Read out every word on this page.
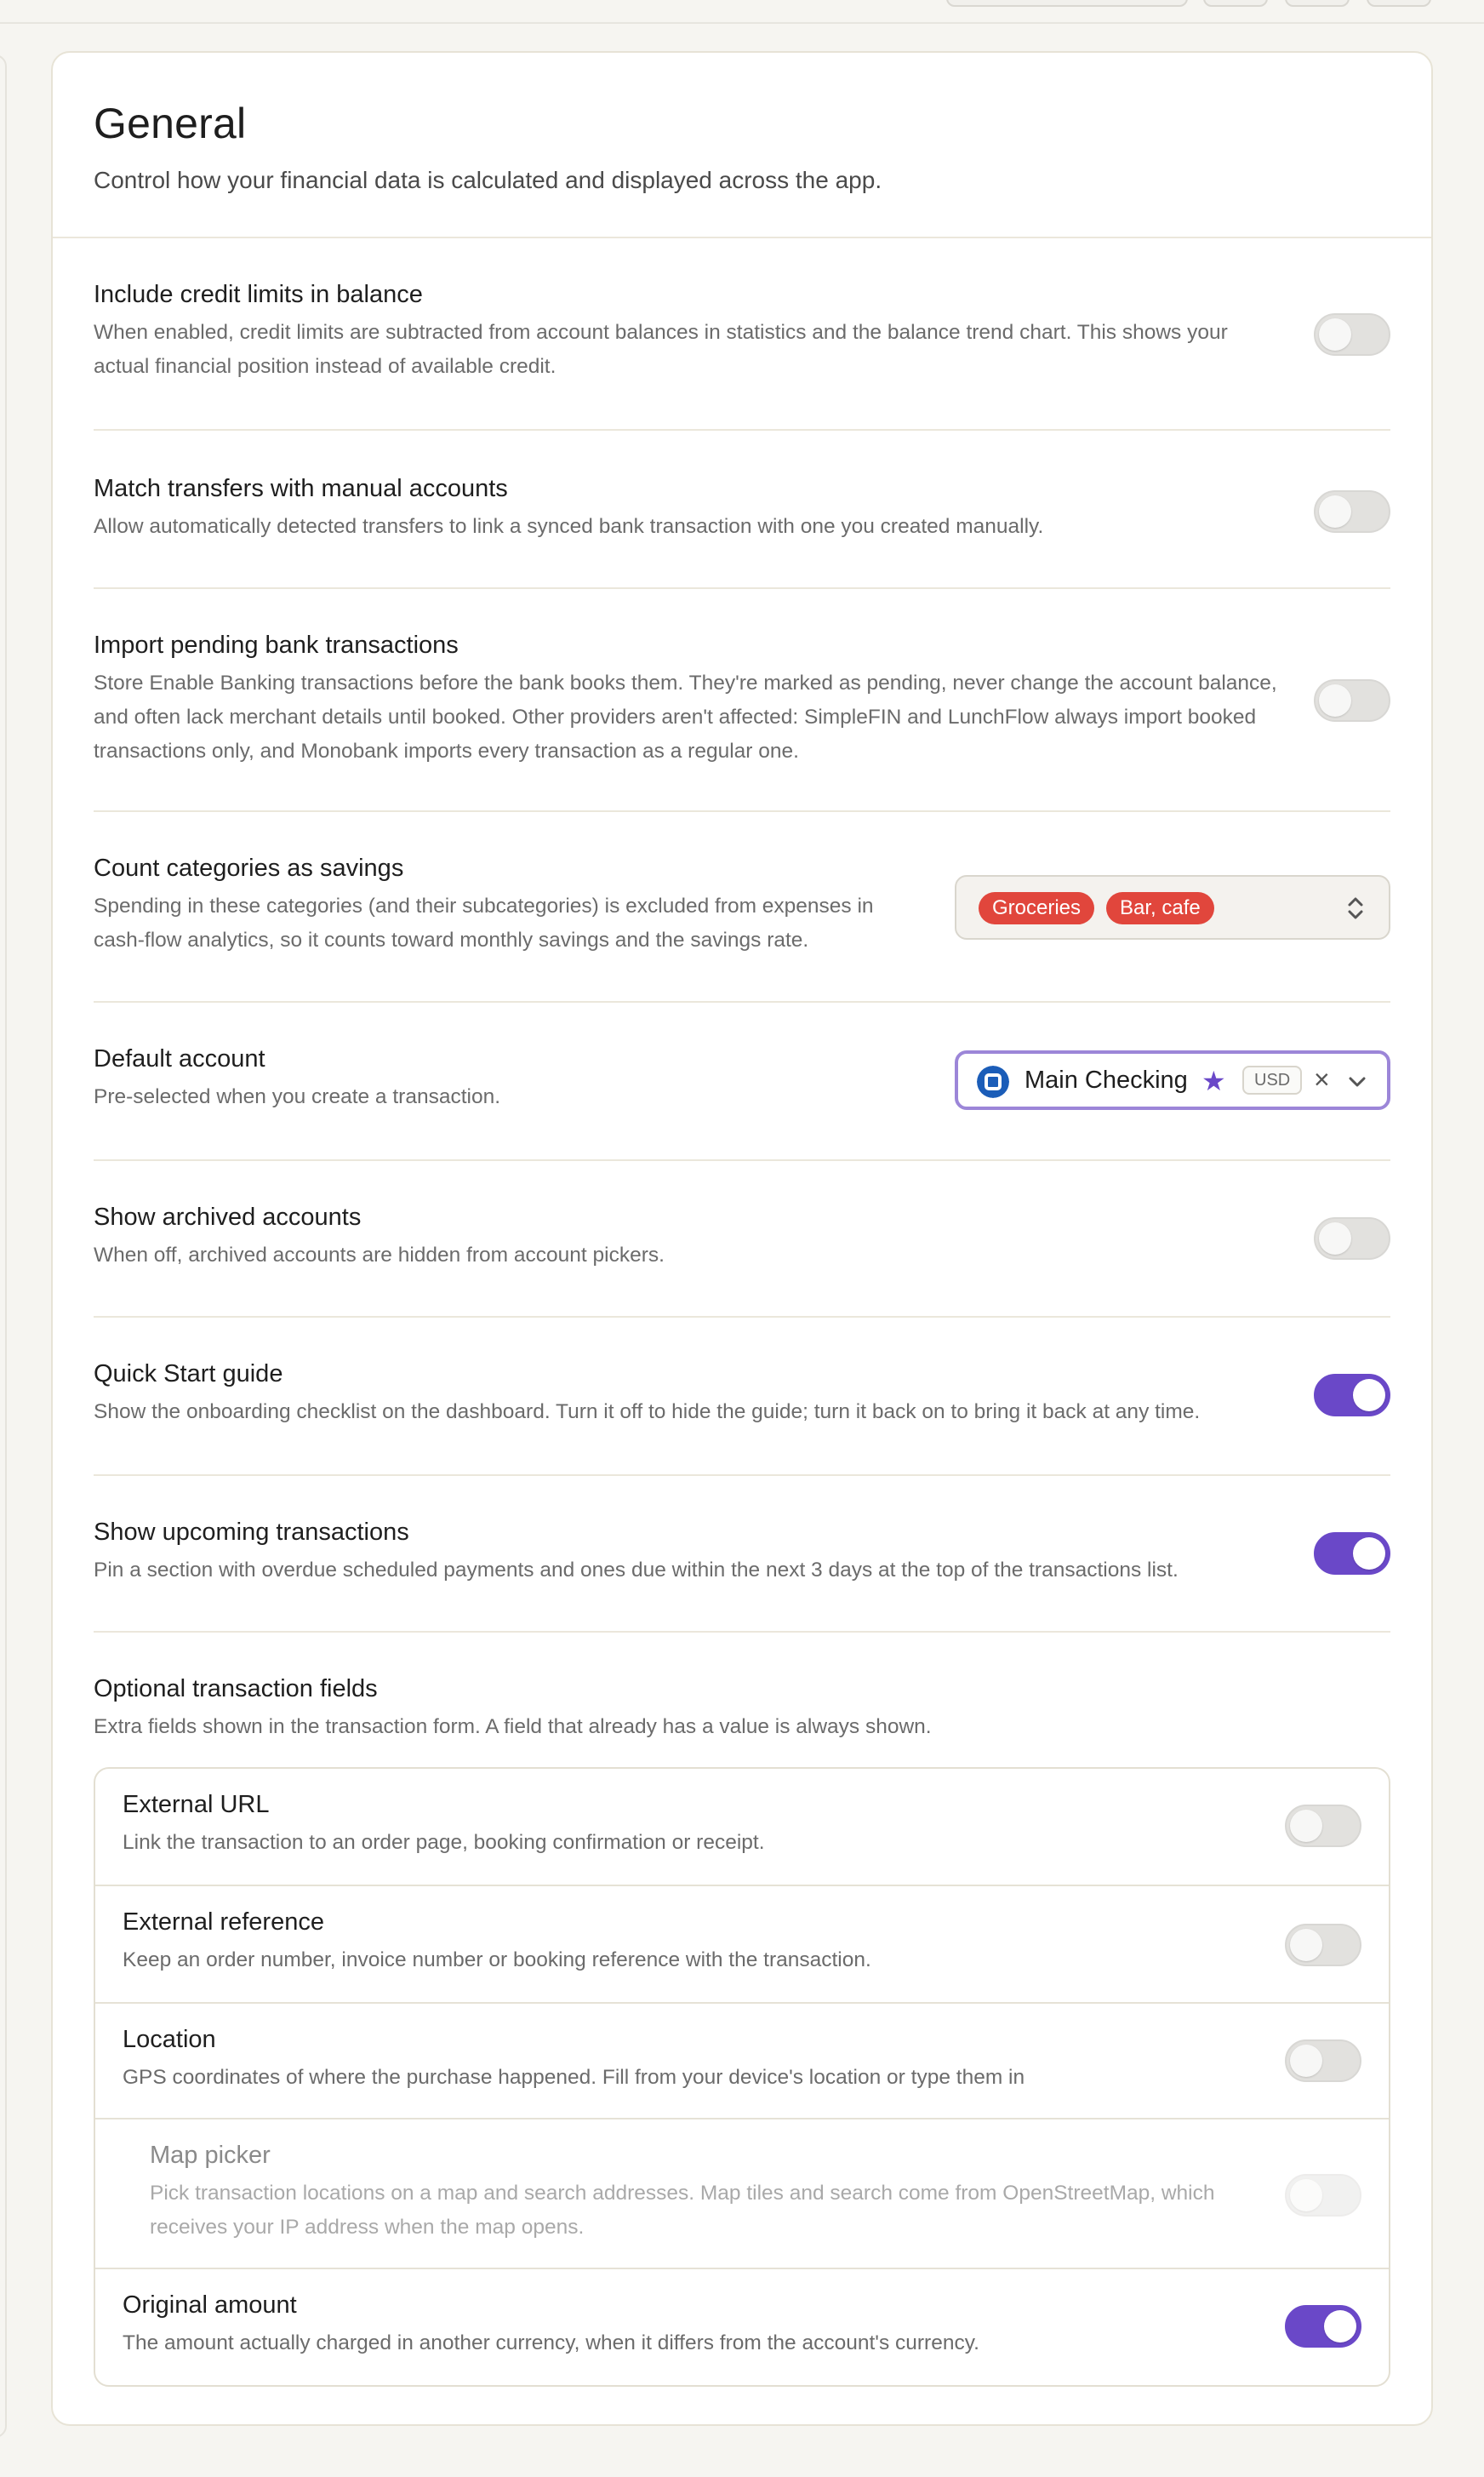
General
Control how your financial data is calculated and displayed across the app.
Include credit limits in balance
When enabled, credit limits are subtracted from account balances in statistics and the balance trend chart. This shows your
actual financial position instead of available credit.
Match transfers with manual accounts
Allow automatically detected transfers to link a synced bank transaction with one you created manually.
Import pending bank transactions
Store Enable Banking transactions before the bank books them. They're marked as pending, never change the account balance,
and often lack merchant details until booked. Other providers aren't affected: SimpleFIN and LunchFlow always import booked
transactions only, and Monobank imports every transaction as a regular one.
Count categories as savings
Spending in these categories (and their subcategories) is excluded from expenses in
cash-flow analytics, so it counts toward monthly savings and the savings rate.
Groceries	Bar, cafe
Default account
Pre-selected when you create a transaction.
Main Checking ★	USD ×
Show archived accounts
When off, archived accounts are hidden from account pickers.
Quick Start guide
Show the onboarding checklist on the dashboard. Turn it off to hide the guide; turn it back on to bring it back at any time.
Show upcoming transactions
Pin a section with overdue scheduled payments and ones due within the next 3 days at the top of the transactions list.
Optional transaction fields
Extra fields shown in the transaction form. A field that already has a value is always shown.
External URL
Link the transaction to an order page, booking confirmation or receipt.
External reference
Keep an order number, invoice number or booking reference with the transaction.
Location
GPS coordinates of where the purchase happened. Fill from your device's location or type them in
Map picker
Pick transaction locations on a map and search addresses. Map tiles and search come from OpenStreetMap, which
receives your IP address when the map opens.
Original amount
The amount actually charged in another currency, when it differs from the account's currency.
